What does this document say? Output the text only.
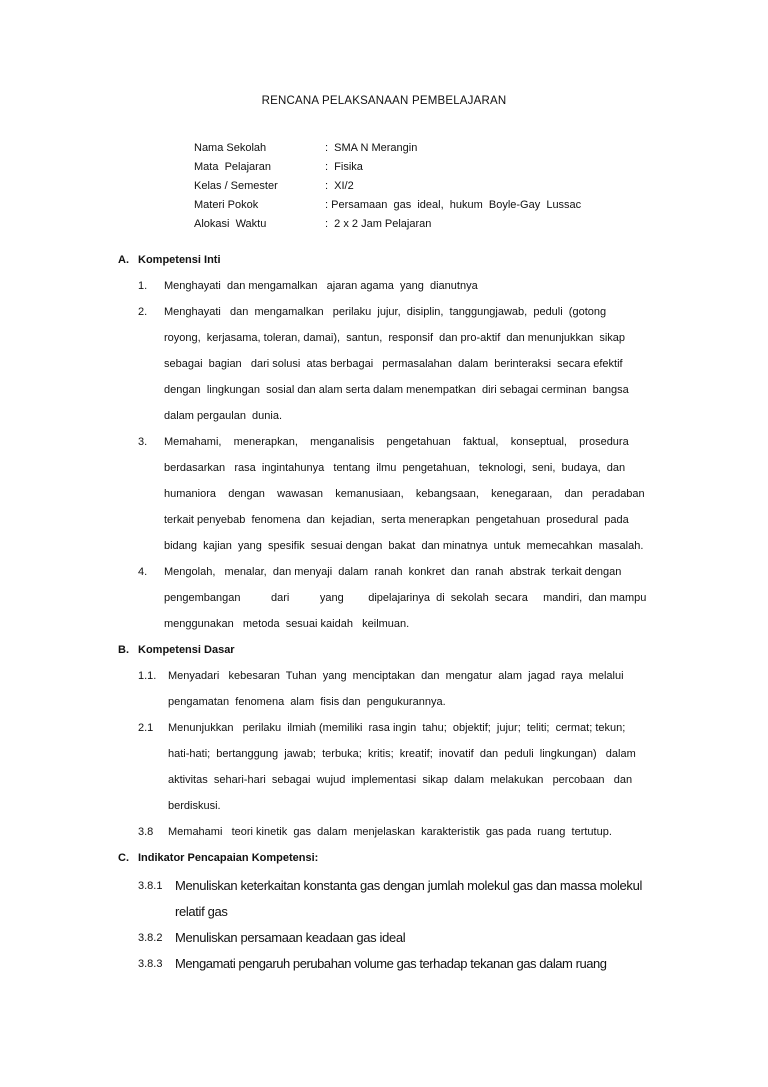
RENCANA PELAKSANAAN PEMBELAJARAN
Nama Sekolah	:  SMA N Merangin
Mata  Pelajaran	:  Fisika
Kelas / Semester	:  XI/2
Materi Pokok	: Persamaan  gas  ideal,  hukum  Boyle-Gay  Lussac
Alokasi  Waktu	:  2 x 2 Jam Pelajaran
A. Kompetensi Inti
1. Menghayati  dan mengamalkan   ajaran agama  yang  dianutnya
2. Menghayati   dan  mengamalkan   perilaku  jujur,  disiplin,  tanggungjawab,  peduli  (gotong
royong,  kerjasama, toleran, damai),  santun,  responsif  dan pro-aktif  dan menunjukkan  sikap
sebagai  bagian   dari solusi  atas berbagai   permasalahan  dalam  berinteraksi  secara efektif
dengan  lingkungan  sosial dan alam serta dalam menempatkan  diri sebagai cerminan  bangsa
dalam pergaulan  dunia.
3. Memahami,    menerapkan,    menganalisis    pengetahuan    faktual,    konseptual,    prosedura
berdasarkan   rasa  ingintahunya   tentang  ilmu  pengetahuan,   teknologi,  seni,  budaya,  dan
humaniora    dengan    wawasan    kemanusiaan,    kebangsaan,    kenegaraan,    dan   peradaban
terkait penyebab  fenomena  dan  kejadian,  serta menerapkan  pengetahuan  prosedural  pada
bidang  kajian  yang  spesifik  sesuai dengan  bakat  dan minatnya  untuk  memecahkan  masalah.
4. Mengolah,   menalar,  dan menyaji  dalam  ranah  konkret  dan  ranah  abstrak  terkait dengan
pengembangan          dari          yang        dipelajarinya  di  sekolah  secara     mandiri,  dan mampu
menggunakan   metoda  sesuai kaidah   keilmuan.
B. Kompetensi Dasar
1.1. Menyadari   kebesaran  Tuhan  yang  menciptakan  dan  mengatur  alam  jagad  raya  melalui
pengamatan  fenomena  alam  fisis dan  pengukurannya.
2.1 Menunjukkan   perilaku  ilmiah (memiliki  rasa ingin  tahu;  objektif;  jujur;  teliti;  cermat; tekun;
hati-hati;  bertanggung  jawab;  terbuka;  kritis;  kreatif;  inovatif  dan  peduli  lingkungan)   dalam
aktivitas  sehari-hari  sebagai  wujud  implementasi  sikap  dalam  melakukan   percobaan   dan
berdiskusi.
3.8 Memahami   teori kinetik  gas  dalam  menjelaskan  karakteristik  gas pada  ruang  tertutup.
C. Indikator Pencapaian Kompetensi:
3.8.1 Menuliskan keterkaitan konstanta gas dengan jumlah molekul gas dan massa molekul
relatif gas
3.8.2 Menuliskan persamaan keadaan gas ideal
3.8.3 Mengamati pengaruh perubahan volume gas terhadap tekanan gas dalam ruang
